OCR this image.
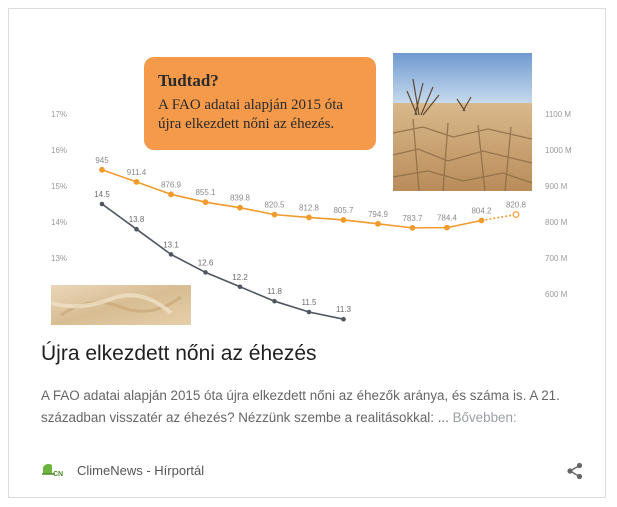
17%
16%
15%
14%
13%
1100 M
1000 M
900 M
800 M
700 M
600 M
945
911.4
876.9
855.1
839.8
820.5 812.8 805.7 794.9 783.7 784.4
804.2
820.8
14.5
13.8
13.1
12.6
12.2
11.8
11.5
11.3
Tudtad?
A FAO adatai alapján 2015 óta újra elkezdett nőni az éhezés.
Újra elkezdett nőni az éhezés
A FAO adatai alapján 2015 óta újra elkezdett nőni az éhezők aránya, és száma is. A 21. században visszatér az éhezés? Nézzünk szembe a realitásokkal: ... Bővebben:
CN ClimeNews - Hírportál
